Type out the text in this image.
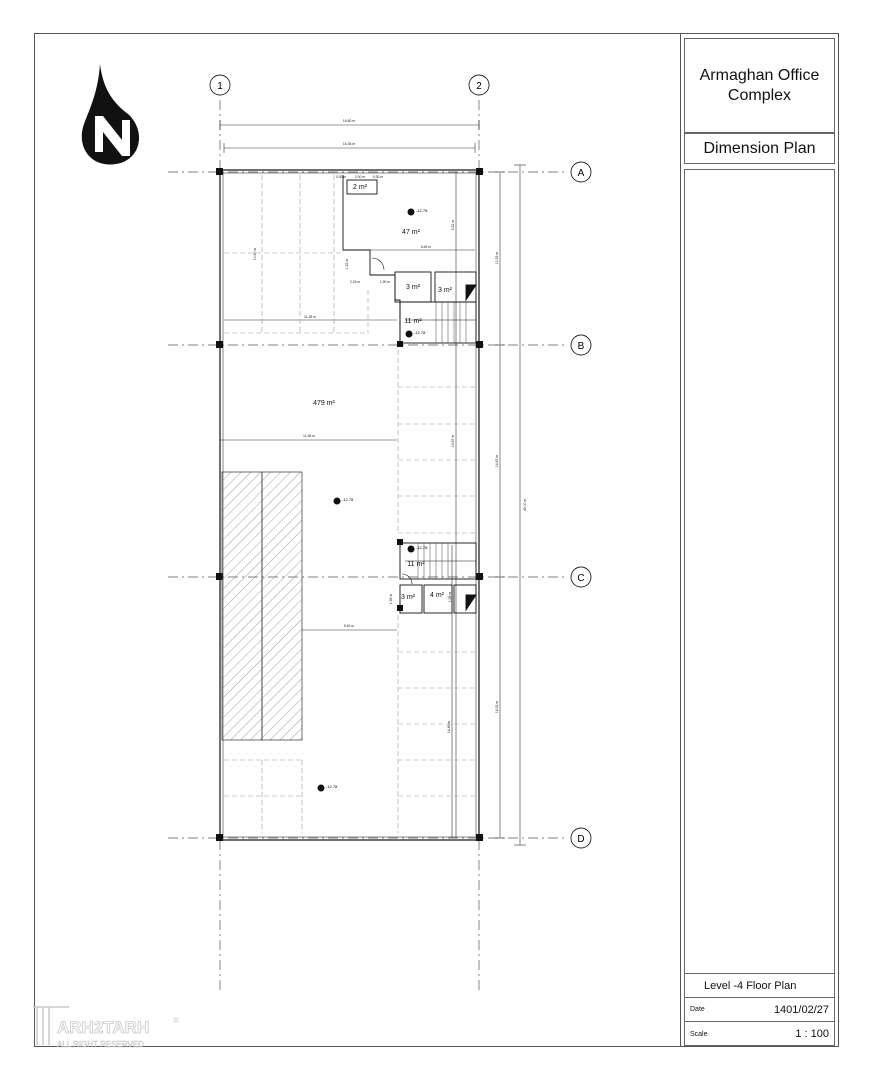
Armaghan Office Complex
Dimension Plan
Level -4 Floor Plan
Date	1401/02/27
Scale	1 : 100
1	2
A
B
C
D
-12.78
-12.78
-12.78
-12.78
-12.78
47 m²
2 m²
3 m²	3 m²
11 m²
479 m²
11 m²
3 m² 4 m²
16.80 m
16.35 m
11.38 m
5.40 m
6.45 m
11.38 m
2.15 m	1.90 m
2.00 m
0.30 m	0.30 m
45.00 m
10.53 m
14.47 m
16.33 m
6.22 m
15.87 m
14.49 m
10.60 m
1.22 m
1.95 m	1.58 m
ARH2TARH	®
ALL RIGHT RESERVED
